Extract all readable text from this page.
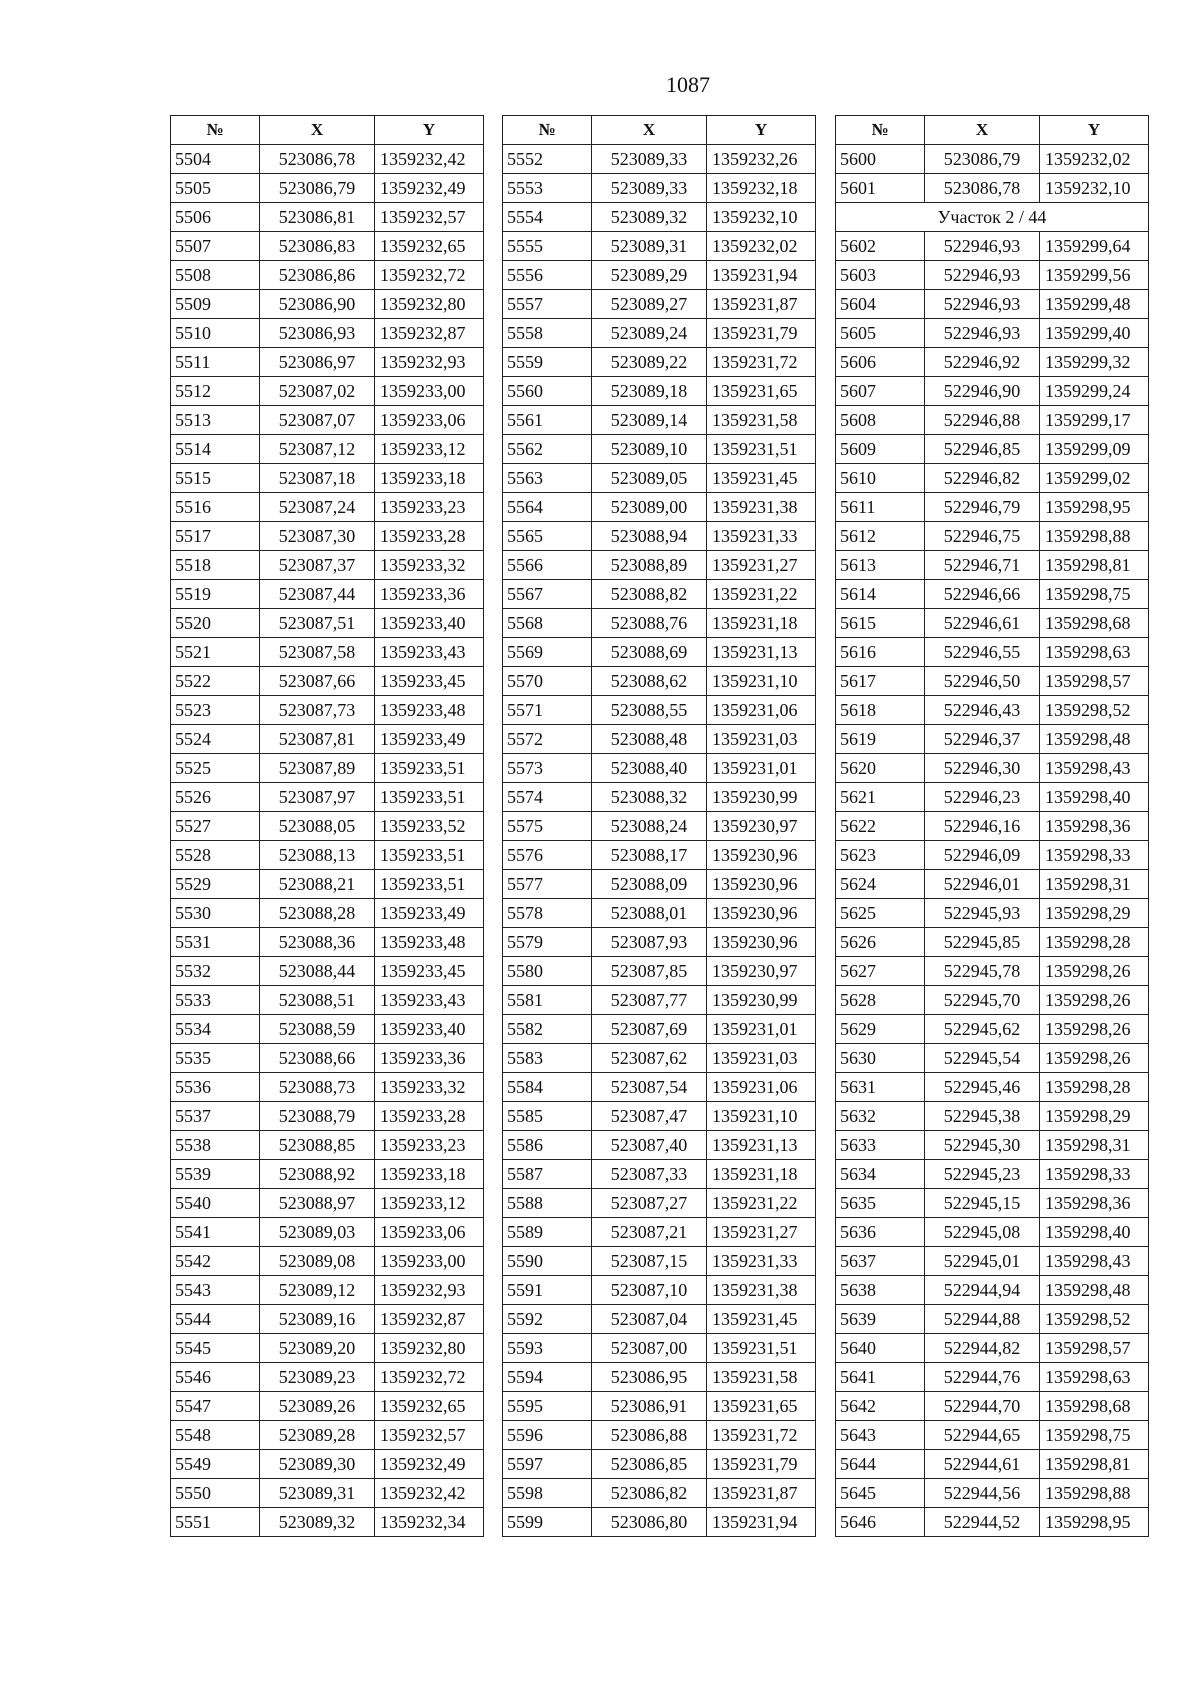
1087
№	X	Y
5504	523086,78	1359232,42
5505	523086,79	1359232,49
5506	523086,81	1359232,57
5507	523086,83	1359232,65
5508	523086,86	1359232,72
5509	523086,90	1359232,80
5510	523086,93	1359232,87
5511	523086,97	1359232,93
5512	523087,02	1359233,00
5513	523087,07	1359233,06
5514	523087,12	1359233,12
5515	523087,18	1359233,18
5516	523087,24	1359233,23
5517	523087,30	1359233,28
5518	523087,37	1359233,32
5519	523087,44	1359233,36
5520	523087,51	1359233,40
5521	523087,58	1359233,43
5522	523087,66	1359233,45
5523	523087,73	1359233,48
5524	523087,81	1359233,49
5525	523087,89	1359233,51
5526	523087,97	1359233,51
5527	523088,05	1359233,52
5528	523088,13	1359233,51
5529	523088,21	1359233,51
5530	523088,28	1359233,49
5531	523088,36	1359233,48
5532	523088,44	1359233,45
5533	523088,51	1359233,43
5534	523088,59	1359233,40
5535	523088,66	1359233,36
5536	523088,73	1359233,32
5537	523088,79	1359233,28
5538	523088,85	1359233,23
5539	523088,92	1359233,18
5540	523088,97	1359233,12
5541	523089,03	1359233,06
5542	523089,08	1359233,00
5543	523089,12	1359232,93
5544	523089,16	1359232,87
5545	523089,20	1359232,80
5546	523089,23	1359232,72
5547	523089,26	1359232,65
5548	523089,28	1359232,57
5549	523089,30	1359232,49
5550	523089,31	1359232,42
5551	523089,32	1359232,34
№	X	Y
5552	523089,33	1359232,26
5553	523089,33	1359232,18
5554	523089,32	1359232,10
5555	523089,31	1359232,02
5556	523089,29	1359231,94
5557	523089,27	1359231,87
5558	523089,24	1359231,79
5559	523089,22	1359231,72
5560	523089,18	1359231,65
5561	523089,14	1359231,58
5562	523089,10	1359231,51
5563	523089,05	1359231,45
5564	523089,00	1359231,38
5565	523088,94	1359231,33
5566	523088,89	1359231,27
5567	523088,82	1359231,22
5568	523088,76	1359231,18
5569	523088,69	1359231,13
5570	523088,62	1359231,10
5571	523088,55	1359231,06
5572	523088,48	1359231,03
5573	523088,40	1359231,01
5574	523088,32	1359230,99
5575	523088,24	1359230,97
5576	523088,17	1359230,96
5577	523088,09	1359230,96
5578	523088,01	1359230,96
5579	523087,93	1359230,96
5580	523087,85	1359230,97
5581	523087,77	1359230,99
5582	523087,69	1359231,01
5583	523087,62	1359231,03
5584	523087,54	1359231,06
5585	523087,47	1359231,10
5586	523087,40	1359231,13
5587	523087,33	1359231,18
5588	523087,27	1359231,22
5589	523087,21	1359231,27
5590	523087,15	1359231,33
5591	523087,10	1359231,38
5592	523087,04	1359231,45
5593	523087,00	1359231,51
5594	523086,95	1359231,58
5595	523086,91	1359231,65
5596	523086,88	1359231,72
5597	523086,85	1359231,79
5598	523086,82	1359231,87
5599	523086,80	1359231,94
№	X	Y
5600	523086,79	1359232,02
5601	523086,78	1359232,10
Участок 2 / 44		
5602	522946,93	1359299,64
5603	522946,93	1359299,56
5604	522946,93	1359299,48
5605	522946,93	1359299,40
5606	522946,92	1359299,32
5607	522946,90	1359299,24
5608	522946,88	1359299,17
5609	522946,85	1359299,09
5610	522946,82	1359299,02
5611	522946,79	1359298,95
5612	522946,75	1359298,88
5613	522946,71	1359298,81
5614	522946,66	1359298,75
5615	522946,61	1359298,68
5616	522946,55	1359298,63
5617	522946,50	1359298,57
5618	522946,43	1359298,52
5619	522946,37	1359298,48
5620	522946,30	1359298,43
5621	522946,23	1359298,40
5622	522946,16	1359298,36
5623	522946,09	1359298,33
5624	522946,01	1359298,31
5625	522945,93	1359298,29
5626	522945,85	1359298,28
5627	522945,78	1359298,26
5628	522945,70	1359298,26
5629	522945,62	1359298,26
5630	522945,54	1359298,26
5631	522945,46	1359298,28
5632	522945,38	1359298,29
5633	522945,30	1359298,31
5634	522945,23	1359298,33
5635	522945,15	1359298,36
5636	522945,08	1359298,40
5637	522945,01	1359298,43
5638	522944,94	1359298,48
5639	522944,88	1359298,52
5640	522944,82	1359298,57
5641	522944,76	1359298,63
5642	522944,70	1359298,68
5643	522944,65	1359298,75
5644	522944,61	1359298,81
5645	522944,56	1359298,88
5646	522944,52	1359298,95
